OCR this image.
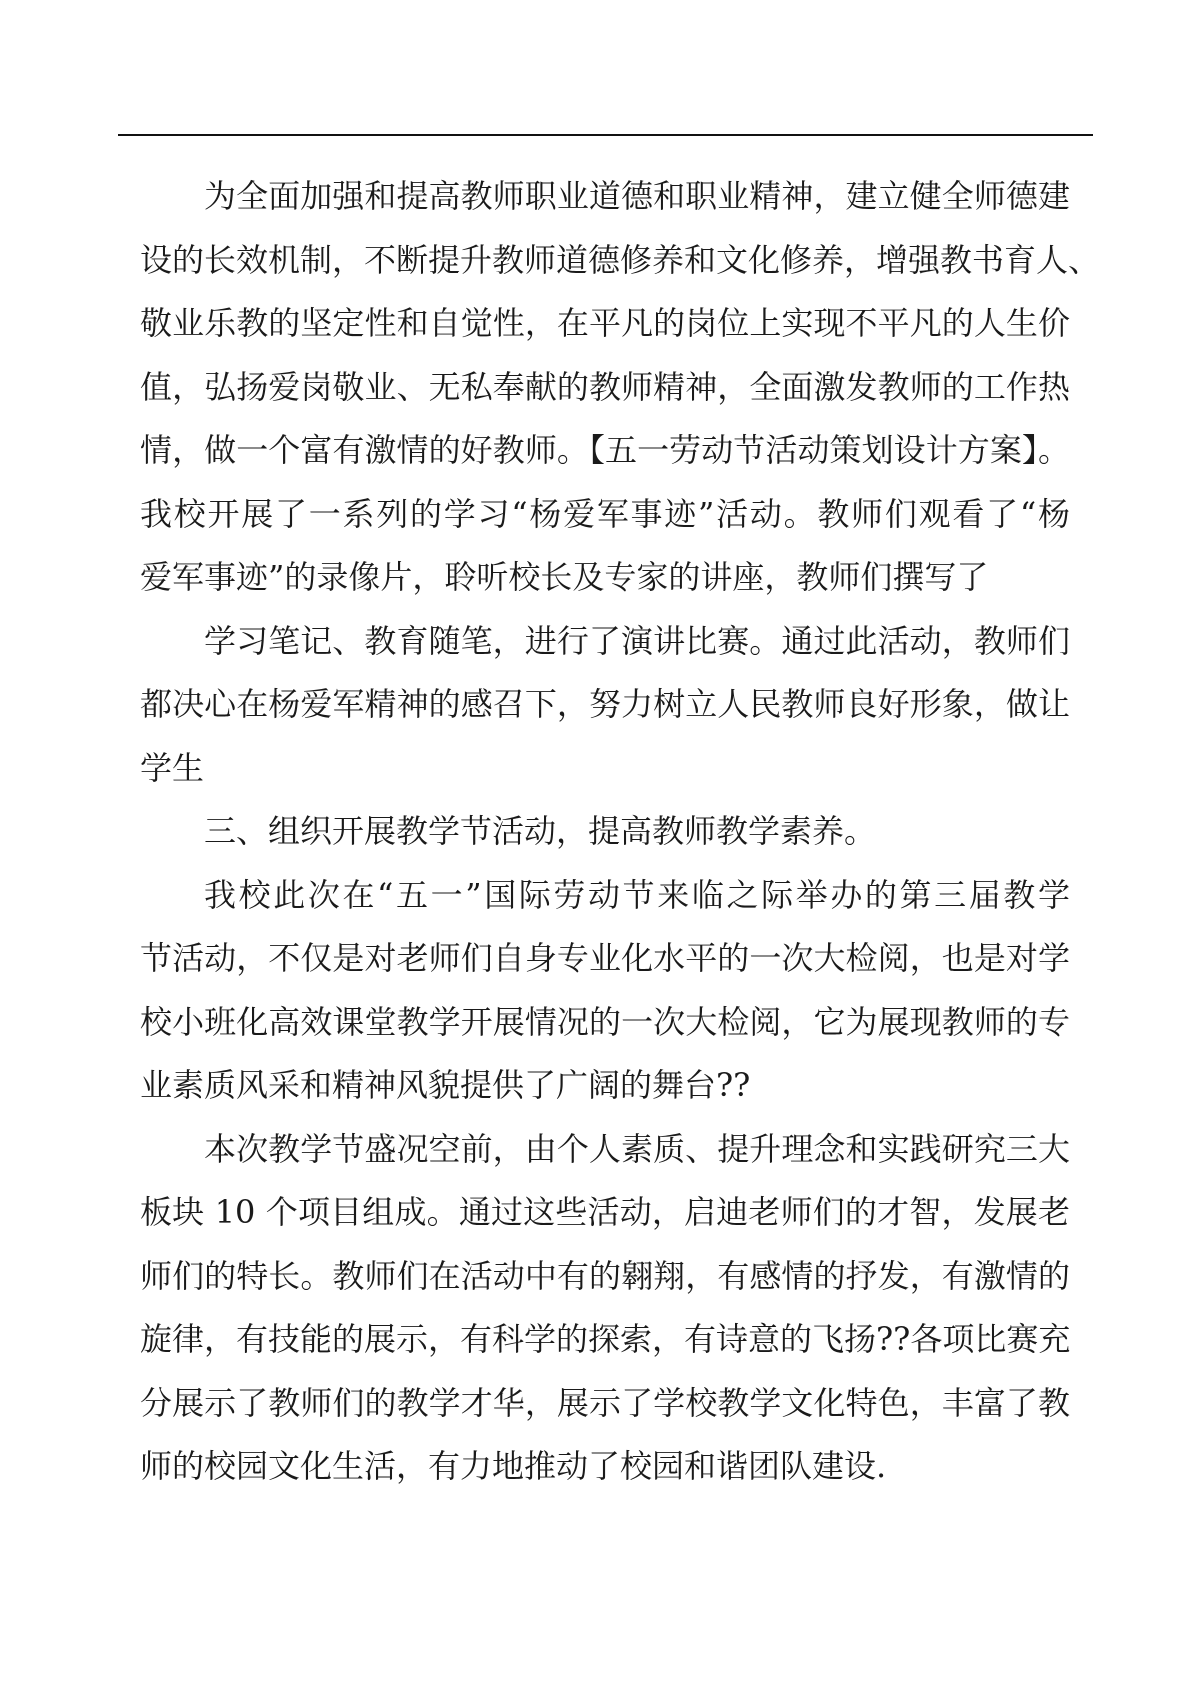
为全面加强和提高教师职业道德和职业精神，建立健全师德建
设的长效机制，不断提升教师道德修养和文化修养，增强教书育人、
敬业乐教的坚定性和自觉性，在平凡的岗位上实现不平凡的人生价
值，弘扬爱岗敬业、无私奉献的教师精神，全面激发教师的工作热
情，做一个富有激情的好教师。【五一劳动节活动策划设计方案】。
我校开展了一系列的学习“杨爱军事迹”活动。教师们观看了“杨
爱军事迹”的录像片，聆听校长及专家的讲座，教师们撰写了
学习笔记、教育随笔，进行了演讲比赛。通过此活动，教师们
都决心在杨爱军精神的感召下，努力树立人民教师良好形象，做让
学生
三、组织开展教学节活动，提高教师教学素养。
我校此次在“五一”国际劳动节来临之际举办的第三届教学
节活动，不仅是对老师们自身专业化水平的一次大检阅，也是对学
校小班化高效课堂教学开展情况的一次大检阅，它为展现教师的专
业素质风采和精神风貌提供了广阔的舞台??
本次教学节盛况空前，由个人素质、提升理念和实践研究三大
板块 10 个项目组成。通过这些活动，启迪老师们的才智，发展老
师们的特长。教师们在活动中有的翱翔，有感情的抒发，有激情的
旋律，有技能的展示，有科学的探索，有诗意的飞扬??各项比赛充
分展示了教师们的教学才华，展示了学校教学文化特色，丰富了教
师的校园文化生活，有力地推动了校园和谐团队建设.
